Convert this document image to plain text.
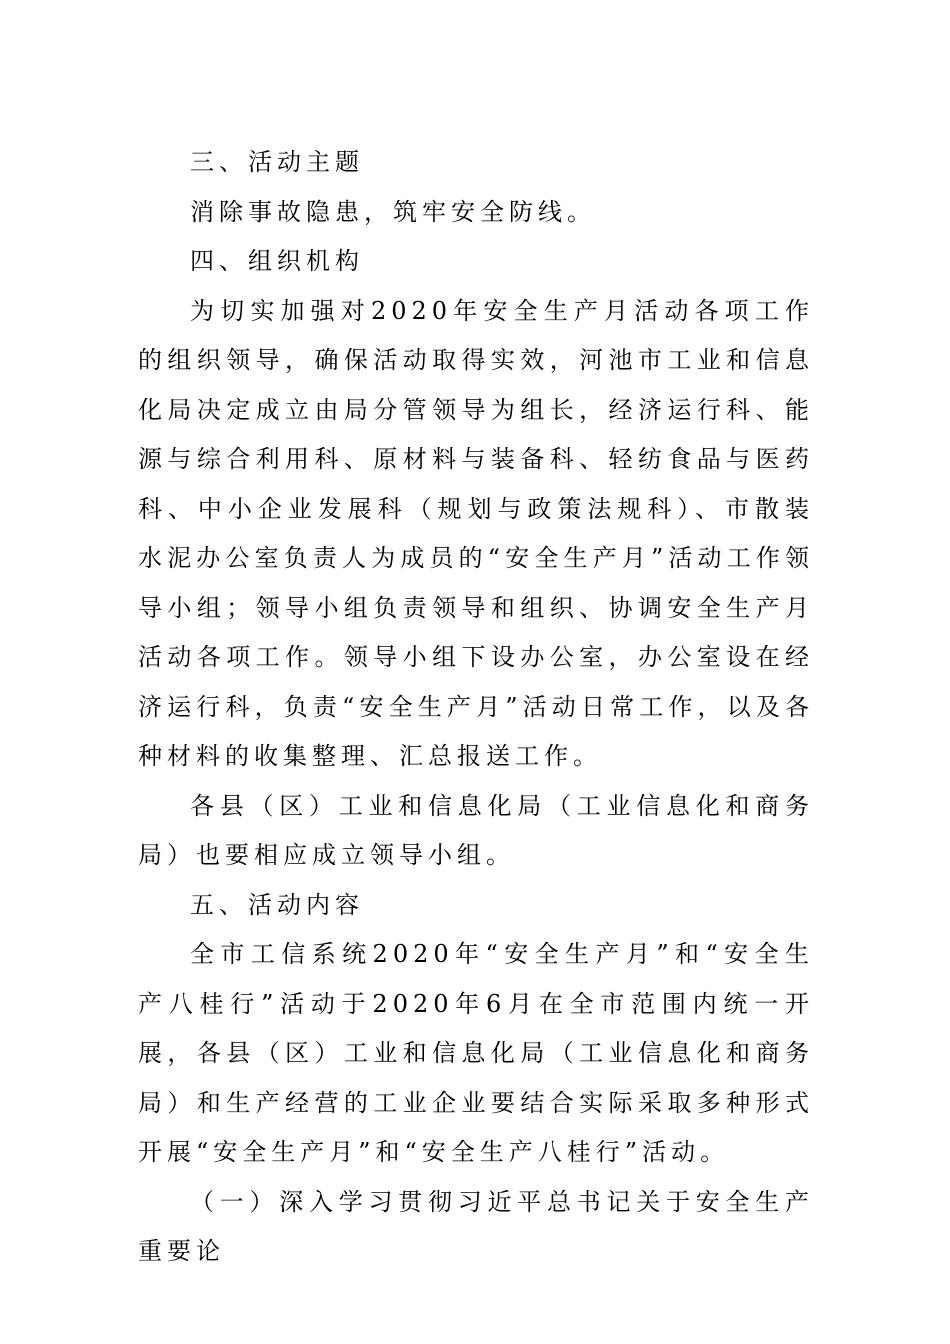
三、活动主题

消除事故隐患，筑牢安全防线。

四、组织机构

为切实加强对2020年安全生产月活动各项工作的组织领导，确保活动取得实效，河池市工业和信息化局决定成立由局分管领导为组长，经济运行科、能源与综合利用科、原材料与装备科、轻纺食品与医药科、中小企业发展科（规划与政策法规科）、市散装水泥办公室负责人为成员的“安全生产月”活动工作领导小组；领导小组负责领导和组织、协调安全生产月活动各项工作。领导小组下设办公室，办公室设在经济运行科，负责“安全生产月”活动日常工作，以及各种材料的收集整理、汇总报送工作。

各县（区）工业和信息化局（工业信息化和商务局）也要相应成立领导小组。

五、活动内容

全市工信系统2020年“安全生产月”和“安全生产八桂行”活动于2020年6月在全市范围内统一开展，各县（区）工业和信息化局（工业信息化和商务局）和生产经营的工业企业要结合实际采取多种形式开展“安全生产月”和“安全生产八桂行”活动。

（一）深入学习贯彻习近平总书记关于安全生产重要论
